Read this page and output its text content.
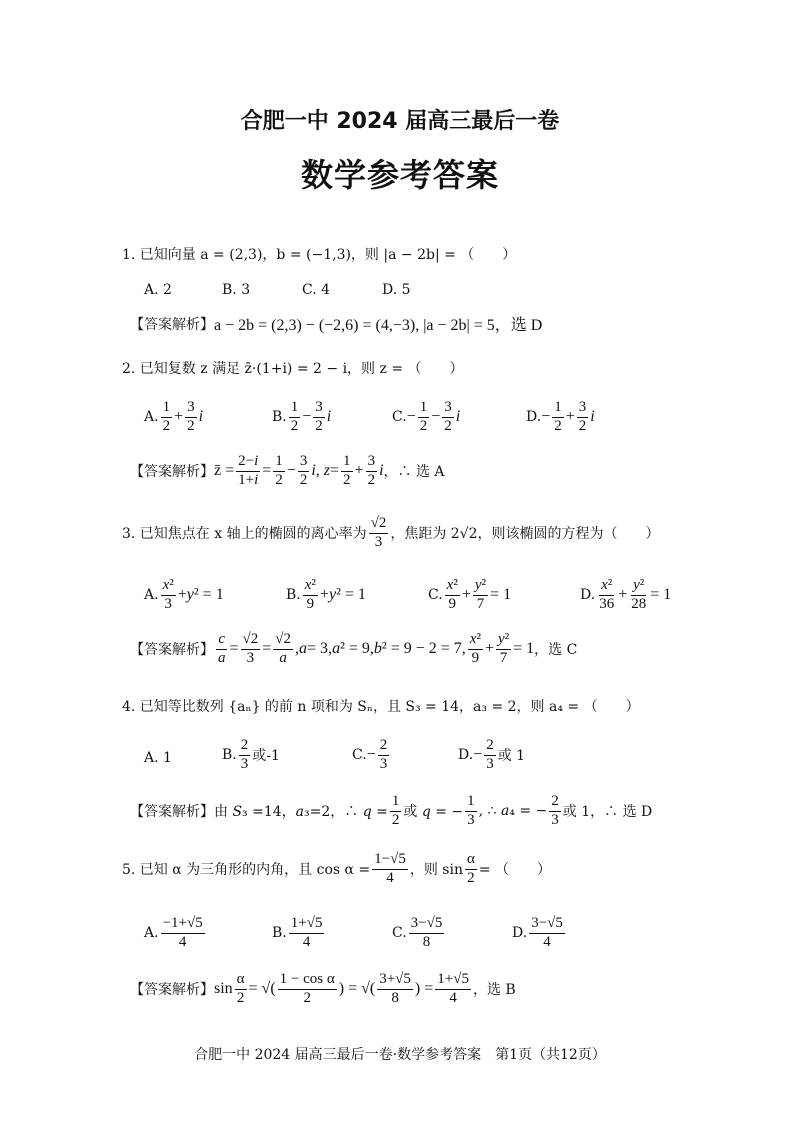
合肥一中 2024 届高三最后一卷
数学参考答案
1. 已知向量 a = (2,3)，b = (−1,3)，则 |a − 2b| = （　　）
A. 2	B. 3	C. 4	D. 5
【答案解析】 a − 2b = (2,3) − (−2,6) = (4,−3), |a − 2b| = 5，选 D
2. 已知复数 z 满足 z̄·(1+i) = 2 − i，则 z = （　　）
A. $\frac{1}{2} + \frac{3}{2}$ i	B. $\frac{1}{2} - \frac{3}{2}$ i	C. − $\frac{1}{2} - \frac{3}{2}$ i	D. − $\frac{1}{2} + \frac{3}{2}$ i
【答案解析】 z̄ = $\frac{2-i}{1+i} = \frac{1}{2} - \frac{3}{2}$ i , $z = \frac{1}{2} + \frac{3}{2}$ i ，∴ 选 A
3. 已知焦点在 x 轴上的椭圆的离心率为 $\frac{√2}{3}$ ，焦距为 2√2，则该椭圆的方程为（　　）
A. $\frac{\text{x²}}{3} + y$ ² = 1	B. $\frac{\text{x²}}{9} + y$ ² = 1	C. $\frac{\text{x²}}{9} + \frac{\text{y²}}{7} = 1$	D. $\frac{\text{x²}}{36} + \frac{\text{y²}}{28} = 1$
【答案解析】 $\frac{c}{a} = \frac{√2}{3} = \frac{√2}{a}$ , a = 3, a ² = 9, b ² = 9 − 2 = 7, $\frac{\text{x²}}{9} + \frac{\text{y²}}{7} = 1$ ，选 C
4. 已知等比数列 {aₙ} 的前 n 项和为 Sₙ，且 S₃ = 14，a₃ = 2，则 a₄ = （　　）
A. 1	B. $\frac{2}{3}$ 或-1	C. − $\frac{2}{3}$	D. − $\frac{2}{3}$ 或 1
【答案解析】 由 S₃ =14，a₃=2，∴ $q = \frac{1}{2}$ 或 q = − $\frac{1}{3}$ , ∴ a₄ = − $\frac{2}{3}$ 或 1 ，∴ 选 D
5. 已知 α 为三角形的内角，且 $\cos \alpha = \frac{1-√5}{4}$ ，则 $\sin \frac{\alpha}{2}$ = （　　）
A. $\frac{-1+√5}{4}$	B. $\frac{1+√5}{4}$	C. $\frac{3-√5}{8}$	D. $\frac{3-√5}{4}$
【答案解析】 $\sin \frac{\alpha}{2}$ = √( $\frac{\text{1 − cos α}}{2}$ ) = √( $\frac{3+√5}{8}$ ) = $\frac{1+√5}{4}$ ，选 B
合肥一中 2024 届高三最后一卷·数学参考答案　第1页（共12页）
